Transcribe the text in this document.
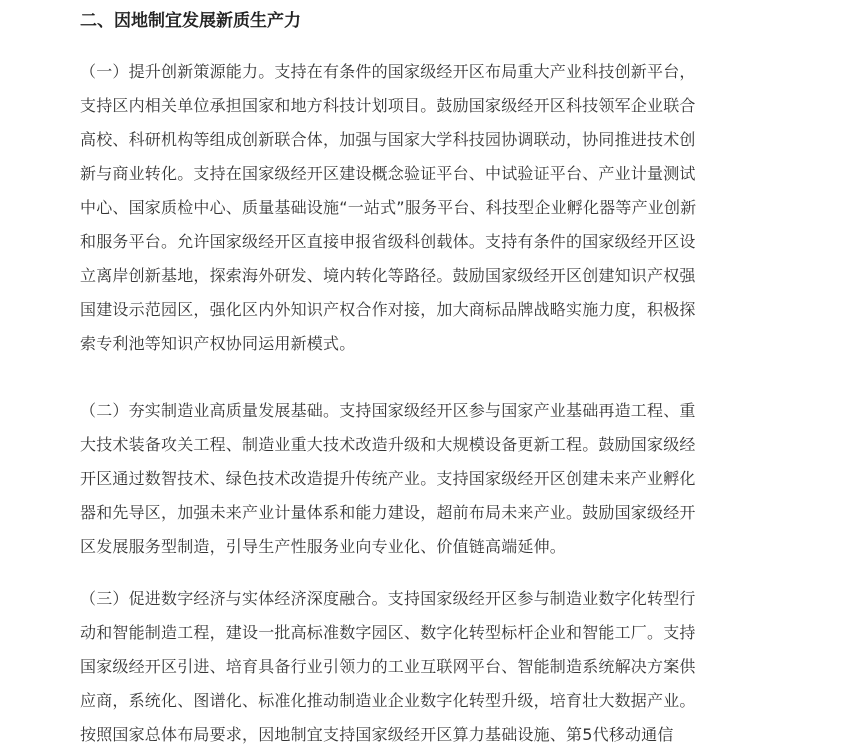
二、因地制宜发展新质生产力
（一）提升创新策源能力。支持在有条件的国家级经开区布局重大产业科技创新平台，
支持区内相关单位承担国家和地方科技计划项目。鼓励国家级经开区科技领军企业联合
高校、科研机构等组成创新联合体，加强与国家大学科技园协调联动，协同推进技术创
新与商业转化。支持在国家级经开区建设概念验证平台、中试验证平台、产业计量测试
中心、国家质检中心、质量基础设施“一站式”服务平台、科技型企业孵化器等产业创新
和服务平台。允许国家级经开区直接申报省级科创载体。支持有条件的国家级经开区设
立离岸创新基地，探索海外研发、境内转化等路径。鼓励国家级经开区创建知识产权强
国建设示范园区，强化区内外知识产权合作对接，加大商标品牌战略实施力度，积极探
索专利池等知识产权协同运用新模式。
（二）夯实制造业高质量发展基础。支持国家级经开区参与国家产业基础再造工程、重
大技术装备攻关工程、制造业重大技术改造升级和大规模设备更新工程。鼓励国家级经
开区通过数智技术、绿色技术改造提升传统产业。支持国家级经开区创建未来产业孵化
器和先导区，加强未来产业计量体系和能力建设，超前布局未来产业。鼓励国家级经开
区发展服务型制造，引导生产性服务业向专业化、价值链高端延伸。
（三）促进数字经济与实体经济深度融合。支持国家级经开区参与制造业数字化转型行
动和智能制造工程，建设一批高标准数字园区、数字化转型标杆企业和智能工厂。支持
国家级经开区引进、培育具备行业引领力的工业互联网平台、智能制造系统解决方案供
应商，系统化、图谱化、标准化推动制造业企业数字化转型升级，培育壮大数据产业。
按照国家总体布局要求，因地制宜支持国家级经开区算力基础设施、第5代移动通信
